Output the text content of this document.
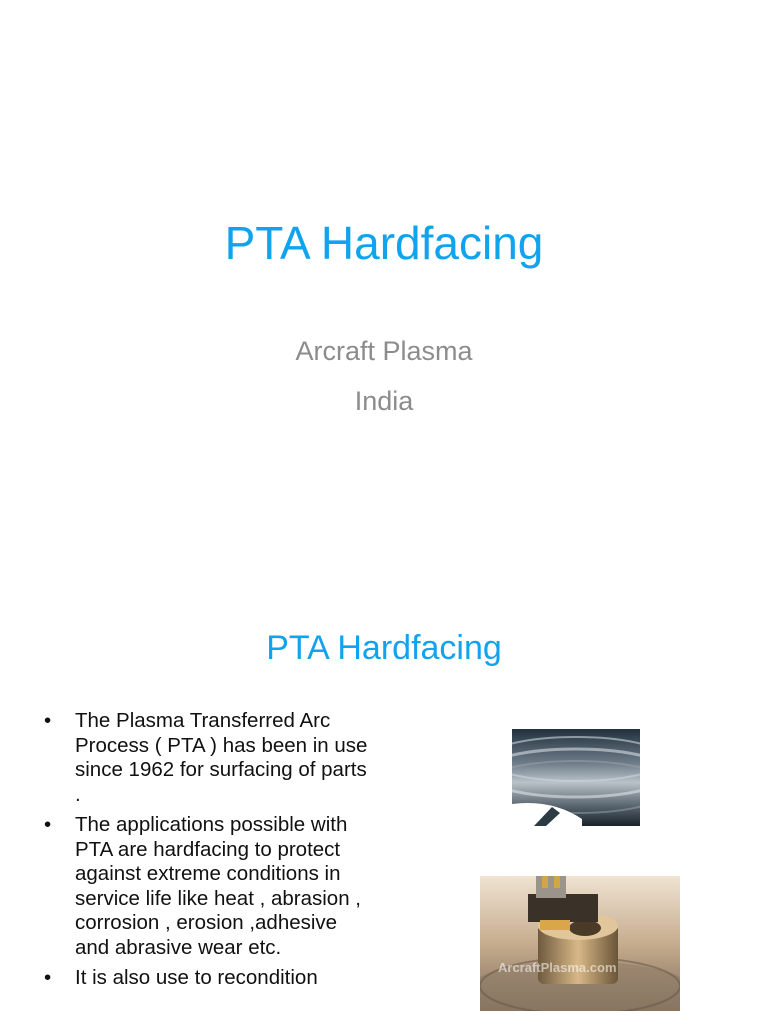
PTA Hardfacing

Arcraft Plasma

India

PTA Hardfacing
•	The Plasma Transferred Arc Process ( PTA ) has been in use since 1962 for surfacing of parts .
•	The applications possible with PTA are hardfacing to protect against extreme conditions in service life like heat , abrasion , corrosion , erosion ,adhesive and abrasive wear etc.
•	It is also use to recondition	ArcraftPlasma.com
